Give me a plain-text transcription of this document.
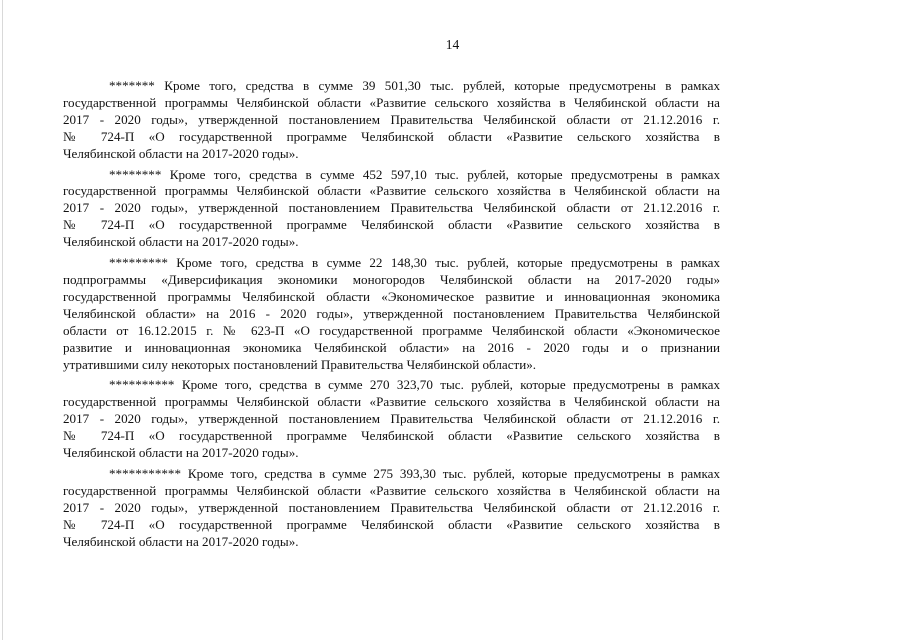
14

******* Кроме того, средства в сумме 39 501,30 тыс. рублей, которые предусмотрены в рамках государственной программы Челябинской области «Развитие сельского хозяйства в Челябинской области на 2017 - 2020 годы», утвержденной постановлением Правительства Челябинской области от 21.12.2016 г. № 724-П «О государственной программе Челябинской области «Развитие сельского хозяйства в Челябинской области на 2017-2020 годы».

******** Кроме того, средства в сумме 452 597,10 тыс. рублей, которые предусмотрены в рамках государственной программы Челябинской области «Развитие сельского хозяйства в Челябинской области на 2017 - 2020 годы», утвержденной постановлением Правительства Челябинской области от 21.12.2016 г. № 724-П «О государственной программе Челябинской области «Развитие сельского хозяйства в Челябинской области на 2017-2020 годы».

********* Кроме того, средства в сумме 22 148,30 тыс. рублей, которые предусмотрены в рамках подпрограммы «Диверсификация экономики моногородов Челябинской области на 2017-2020 годы» государственной программы Челябинской области «Экономическое развитие и инновационная экономика Челябинской области» на 2016 - 2020 годы», утвержденной постановлением Правительства Челябинской области от 16.12.2015 г. № 623-П «О государственной программе Челябинской области «Экономическое развитие и инновационная экономика Челябинской области» на 2016 - 2020 годы и о признании утратившими силу некоторых постановлений Правительства Челябинской области».

********** Кроме того, средства в сумме 270 323,70 тыс. рублей, которые предусмотрены в рамках государственной программы Челябинской области «Развитие сельского хозяйства в Челябинской области на 2017 - 2020 годы», утвержденной постановлением Правительства Челябинской области от 21.12.2016 г. № 724-П «О государственной программе Челябинской области «Развитие сельского хозяйства в Челябинской области на 2017-2020 годы».

*********** Кроме того, средства в сумме 275 393,30 тыс. рублей, которые предусмотрены в рамках государственной программы Челябинской области «Развитие сельского хозяйства в Челябинской области на 2017 - 2020 годы», утвержденной постановлением Правительства Челябинской области от 21.12.2016 г. № 724-П «О государственной программе Челябинской области «Развитие сельского хозяйства в Челябинской области на 2017-2020 годы».
